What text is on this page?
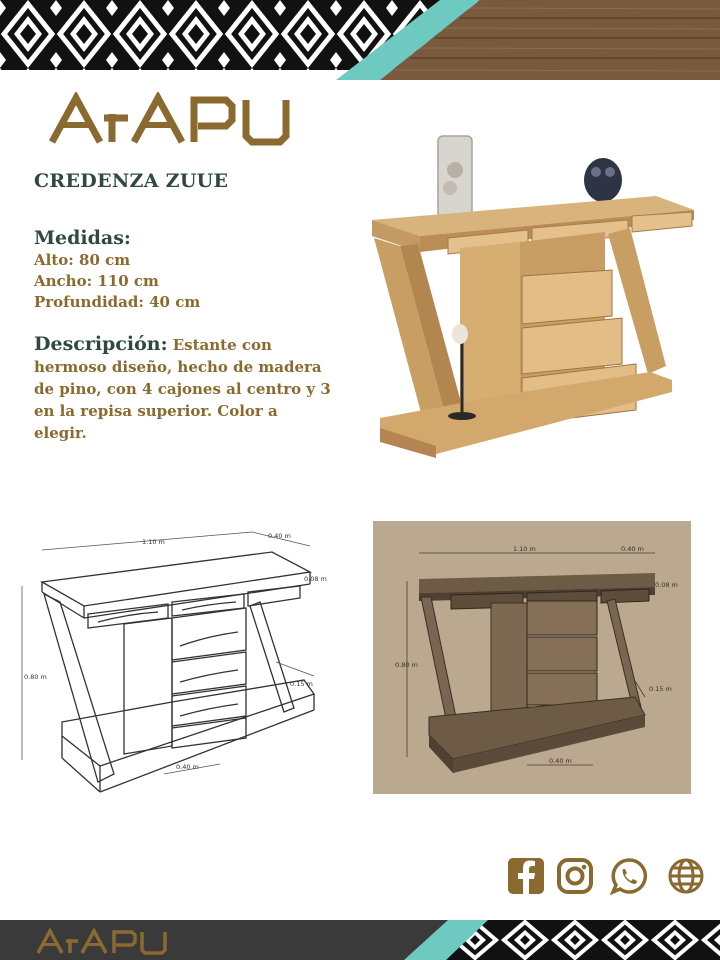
CREDENZA ZUUE
Medidas:
Alto: 80 cm
Ancho: 110 cm
Profundidad: 40 cm
Descripción: Estante con hermoso diseño, hecho de madera de pino, con 4 cajones al centro y 3 en la repisa superior. Color a elegir.
1.10 m
0.40 m
0.08 m
0.80 m
0.15 m
0.40 m
1.10 m	0.40 m
0.08 m
0.80 m
0.15 m
0.40 m
